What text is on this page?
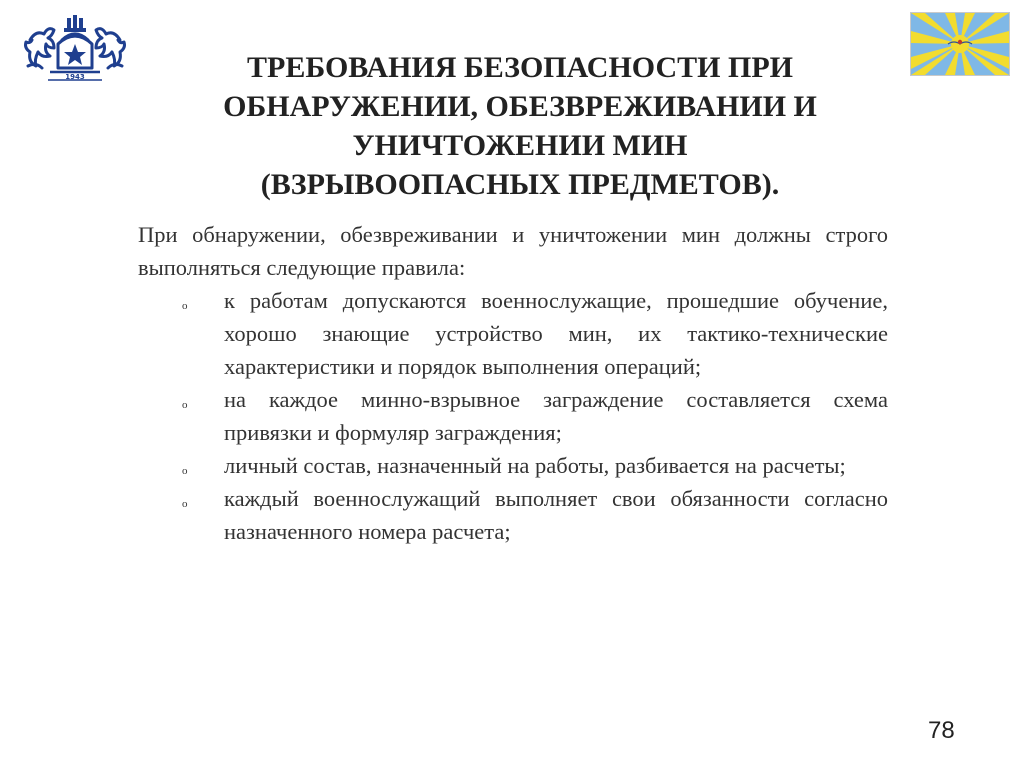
1943	ТРЕБОВАНИЯ БЕЗОПАСНОСТИ ПРИ
ОБНАРУЖЕНИИ, ОБЕЗВРЕЖИВАНИИ И
УНИЧТОЖЕНИИ МИН
(ВЗРЫВООПАСНЫХ ПРЕДМЕТОВ).

При обнаружении, обезвреживании и уничтожении мин должны строго выполняться следующие правила:

o к работам допускаются военнослужащие, прошедшие обучение, хорошо знающие устройство мин, их тактико-технические характеристики и порядок выполнения операций;
o на каждое минно-взрывное заграждение составляется схема привязки и формуляр заграждения;
o личный состав, назначенный на работы, разбивается на расчеты;
o каждый военнослужащий выполняет свои обязанности согласно назначенного номера расчета;
78
